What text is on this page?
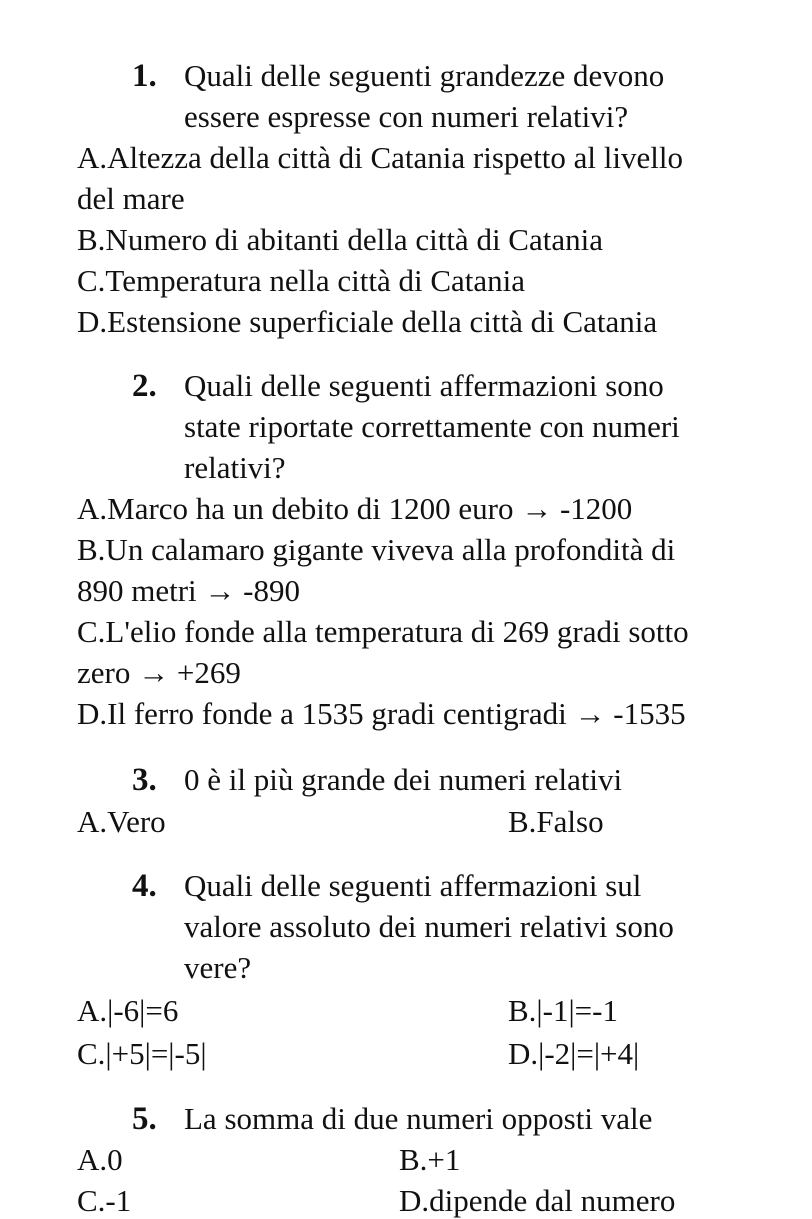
1. Quali delle seguenti grandezze devono
essere espresse con numeri relativi?
A.Altezza della città di Catania rispetto al livello
del mare
B.Numero di abitanti della città di Catania
C.Temperatura nella città di Catania
D.Estensione superficiale della città di Catania
2. Quali delle seguenti affermazioni sono
state riportate correttamente con numeri
relativi?
A.Marco ha un debito di 1200 euro → -1200
B.Un calamaro gigante viveva alla profondità di
890 metri → -890
C.L'elio fonde alla temperatura di 269 gradi sotto
zero → +269
D.Il ferro fonde a 1535 gradi centigradi → -1535
3. 0 è il più grande dei numeri relativi
A.Vero	B.Falso
4. Quali delle seguenti affermazioni sul
valore assoluto dei numeri relativi sono
vere?
A.|-6|=6	B.|-1|=-1
C.|+5|=|-5|	D.|-2|=|+4|
5. La somma di due numeri opposti vale
A.0	B.+1
C.-1	D.dipende dal numero
